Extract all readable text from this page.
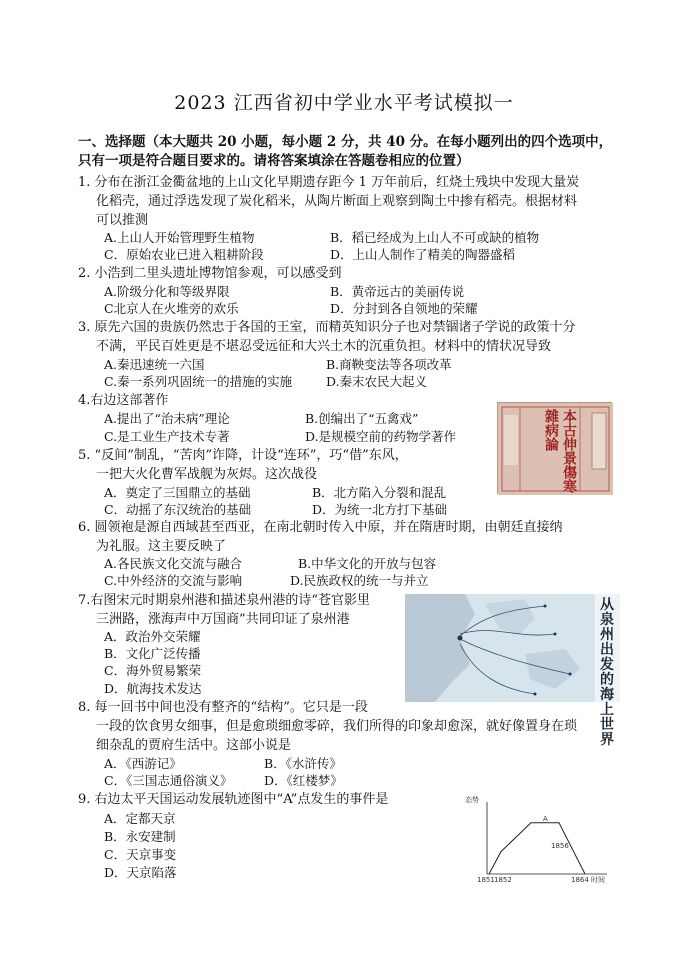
2023 江西省初中学业水平考试模拟一
一、选择题（本大题共 20 小题，每小题 2 分，共 40 分。在每小题列出的四个选项中，
只有一项是符合题目要求的。请将答案填涂在答题卷相应的位置）
1. 分布在浙江金衢盆地的上山文化早期遗存距今 1 万年前后，红烧土残块中发现大量炭
化稻壳，通过浮选发现了炭化稻米，从陶片断面上观察到陶土中掺有稻壳。根据材料
可以推测
A.上山人开始管理野生植物	B．稻已经成为上山人不可或缺的植物
C．原始农业已进入粗耕阶段	D．上山人制作了精美的陶器盛稻
2. 小浩到二里头遗址博物馆参观，可以感受到
A.阶级分化和等级界限	B．黄帝远古的美丽传说
C北京人在火堆旁的欢乐	D．分封到各自领地的荣耀
3. 原先六国的贵族仍然忠于各国的王室，而精英知识分子也对禁锢诸子学说的政策十分
不满，平民百姓更是不堪忍受远征和大兴土木的沉重负担。材料中的情状况导致
A.秦迅速统一六国	B.商鞅变法等各项改革
C.秦一系列巩固统一的措施的实施	D.秦末农民大起义
4.右边这部著作
A.提出了“治未病”理论	B.创编出了“五禽戏”
C.是工业生产技术专著	D.是规模空前的药物学著作	本古伸景傷寒雜病論
5. “反间”制乱，“苦肉”诈降，计设“连环”，巧“借”东风，
一把大火化曹军战舰为灰烬。这次战役
A．奠定了三国鼎立的基础	B．北方陷入分裂和混乱
C．动摇了东汉统治的基础	D．为统一北方打下基础
6. 圆领袍是源自西域甚至西亚，在南北朝时传入中原，并在隋唐时期，由朝廷直接纳
为礼服。这主要反映了
A.各民族文化交流与融合	B.中华文化的开放与包容
C.中外经济的交流与影响	D.民族政权的统一与并立
7.右图宋元时期泉州港和描述泉州港的诗“苍官影里
三洲路，涨海声中万国商”共同印证了泉州港
A．政治外交荣耀
B．文化广泛传播
C．海外贸易繁荣
D．航海技术发达
从泉州出发的海上世界
8. 每一回书中间也没有整齐的“结构”。它只是一段
一段的饮食男女细事，但是愈琐细愈零碎，我们所得的印象却愈深，就好像置身在琐
细杂乱的贾府生活中。这部小说是
A．《西游记》	B．《水浒传》
C．《三国志通俗演义》	D．《红楼梦》
9. 右边太平天国运动发展轨迹图中“A”点发生的事件是
A．定都天京
B．永安建制
C．天京事变
D．天京陷落
态势
时间
A
1851 1852
1856
1864
